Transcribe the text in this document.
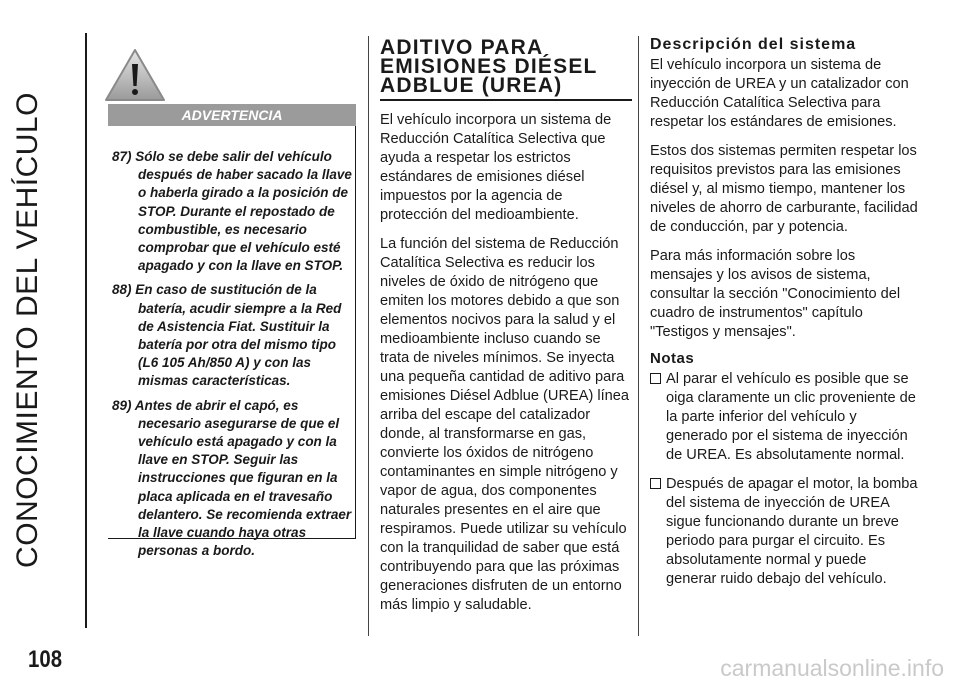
CONOCIMIENTO DEL VEHÍCULO
108
ADVERTENCIA

87) Sólo se debe salir del vehículo después de haber sacado la llave o haberla girado a la posición de STOP. Durante el repostado de combustible, es necesario comprobar que el vehículo esté apagado y con la llave en STOP.

88) En caso de sustitución de la batería, acudir siempre a la Red de Asistencia Fiat. Sustituir la batería por otra del mismo tipo (L6 105 Ah/850 A) y con las mismas características.

89) Antes de abrir el capó, es necesario asegurarse de que el vehículo está apagado y con la llave en STOP. Seguir las instrucciones que figuran en la placa aplicada en el travesaño delantero. Se recomienda extraer la llave cuando haya otras personas a bordo.

ADITIVO PARA EMISIONES DIÉSEL ADBLUE (UREA)

El vehículo incorpora un sistema de Reducción Catalítica Selectiva que ayuda a respetar los estrictos estándares de emisiones diésel impuestos por la agencia de protección del medioambiente.

La función del sistema de Reducción Catalítica Selectiva es reducir los niveles de óxido de nitrógeno que emiten los motores debido a que son elementos nocivos para la salud y el medioambiente incluso cuando se trata de niveles mínimos. Se inyecta una pequeña cantidad de aditivo para emisiones Diésel Adblue (UREA) línea arriba del escape del catalizador donde, al transformarse en gas, convierte los óxidos de nitrógeno contaminantes en simple nitrógeno y vapor de agua, dos componentes naturales presentes en el aire que respiramos. Puede utilizar su vehículo con la tranquilidad de saber que está contribuyendo para que las próximas generaciones disfruten de un entorno más limpio y saludable.

Descripción del sistema

El vehículo incorpora un sistema de inyección de UREA y un catalizador con Reducción Catalítica Selectiva para respetar los estándares de emisiones.

Estos dos sistemas permiten respetar los requisitos previstos para las emisiones diésel y, al mismo tiempo, mantener los niveles de ahorro de carburante, facilidad de conducción, par y potencia.

Para más información sobre los mensajes y los avisos de sistema, consultar la sección "Conocimiento del cuadro de instrumentos" capítulo "Testigos y mensajes".

Notas
Al parar el vehículo es posible que se oiga claramente un clic proveniente de la parte inferior del vehículo y generado por el sistema de inyección de UREA. Es absolutamente normal.
Después de apagar el motor, la bomba del sistema de inyección de UREA sigue funcionando durante un breve periodo para purgar el circuito. Es absolutamente normal y puede generar ruido debajo del vehículo.
carmanualsonline.info
